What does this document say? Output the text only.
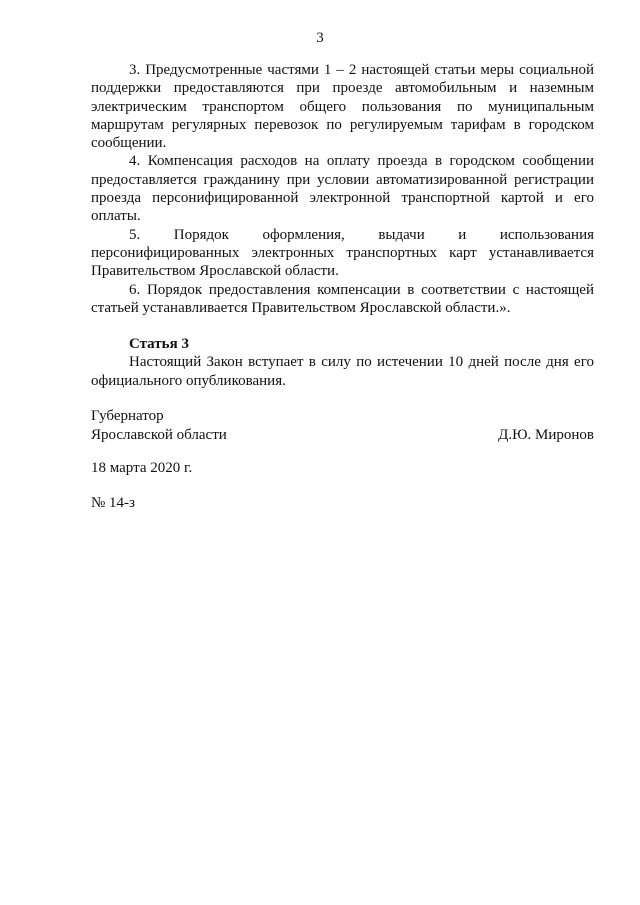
3

3. Предусмотренные частями 1 – 2 настоящей статьи меры социальной поддержки предоставляются при проезде автомобильным и наземным электрическим транспортом общего пользования по муниципальным маршрутам регулярных перевозок по регулируемым тарифам в городском сообщении.

4. Компенсация расходов на оплату проезда в городском сообщении предоставляется гражданину при условии автоматизированной регистрации проезда персонифицированной электронной транспортной картой и его оплаты.

5. Порядок оформления, выдачи и использования персонифицированных электронных транспортных карт устанавливается Правительством Ярославской области.

6. Порядок предоставления компенсации в соответствии с настоящей статьей устанавливается Правительством Ярославской области.».

Статья 3

Настоящий Закон вступает в силу по истечении 10 дней после дня его официального опубликования.

Губернатор
Ярославской области	Д.Ю. Миронов
18 марта 2020 г.
№ 14-з
